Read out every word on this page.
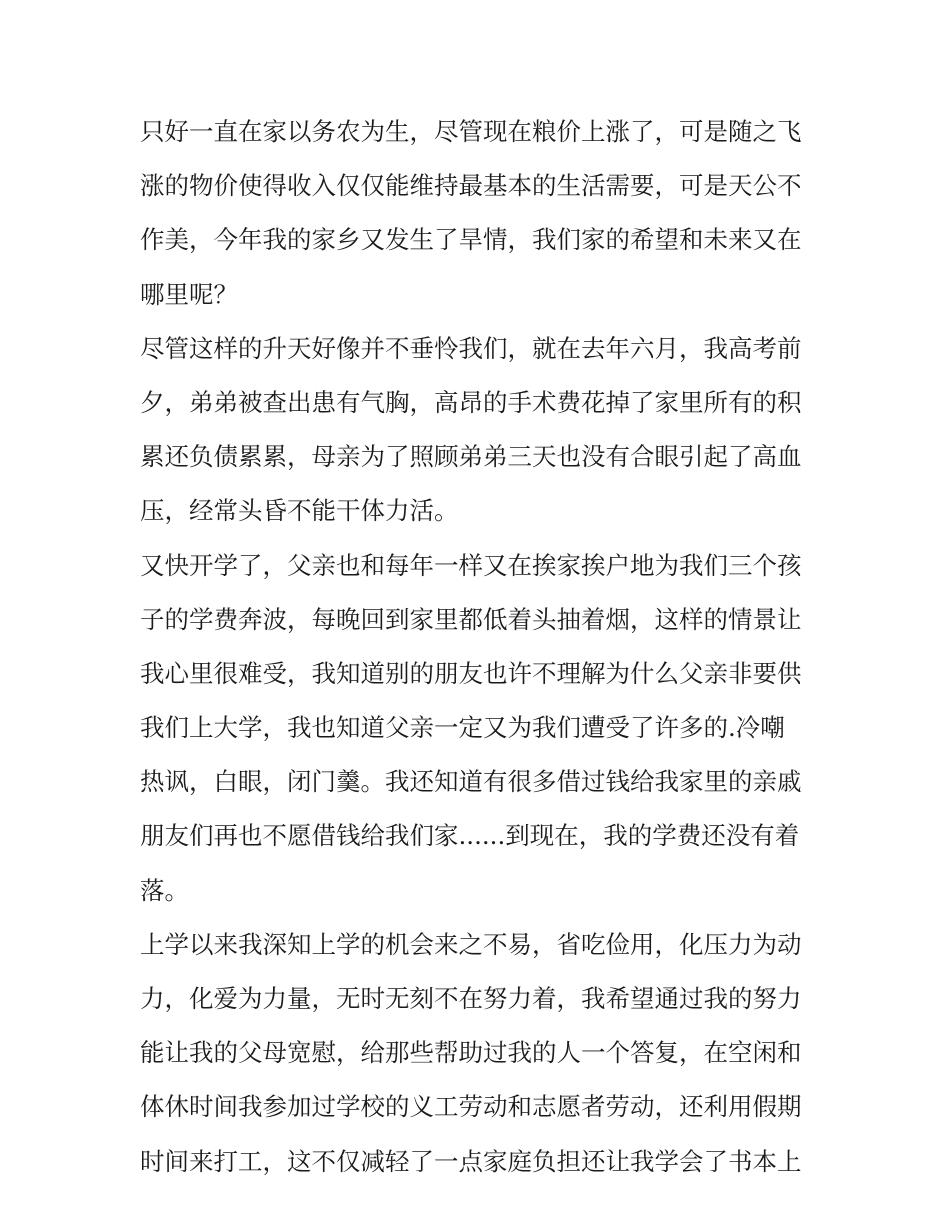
只好一直在家以务农为生，尽管现在粮价上涨了，可是随之飞
涨的物价使得收入仅仅能维持最基本的生活需要，可是天公不
作美，今年我的家乡又发生了旱情，我们家的希望和未来又在
哪里呢？
尽管这样的升天好像并不垂怜我们，就在去年六月，我高考前
夕，弟弟被查出患有气胸，高昂的手术费花掉了家里所有的积
累还负债累累，母亲为了照顾弟弟三天也没有合眼引起了高血
压，经常头昏不能干体力活。
又快开学了，父亲也和每年一样又在挨家挨户地为我们三个孩
子的学费奔波，每晚回到家里都低着头抽着烟，这样的情景让
我心里很难受，我知道别的朋友也许不理解为什么父亲非要供
我们上大学，我也知道父亲一定又为我们遭受了许多的.冷嘲
热讽，白眼，闭门羹。我还知道有很多借过钱给我家里的亲戚
朋友们再也不愿借钱给我们家......到现在，我的学费还没有着
落。
上学以来我深知上学的机会来之不易，省吃俭用，化压力为动
力，化爱为力量，无时无刻不在努力着，我希望通过我的努力
能让我的父母宽慰，给那些帮助过我的人一个答复，在空闲和
体休时间我参加过学校的义工劳动和志愿者劳动，还利用假期
时间来打工，这不仅减轻了一点家庭负担还让我学会了书本上
